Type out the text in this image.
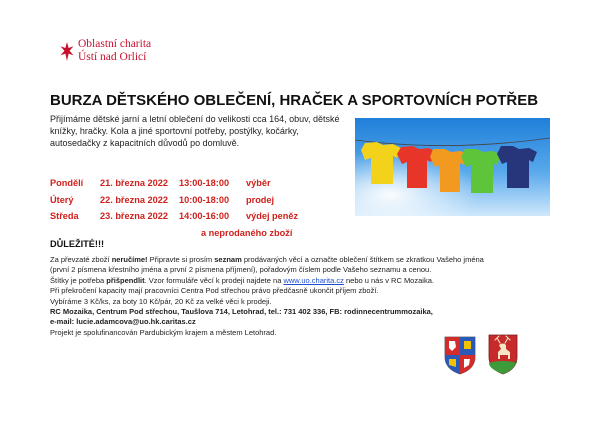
Oblastní charita
Ústí nad Orlicí
BURZA DĚTSKÉHO OBLEČENÍ, HRAČEK A SPORTOVNÍCH POTŘEB
Přijímáme dětské jarní a letní oblečení do velikosti cca 164, obuv, dětské knížky, hračky. Kola a jiné sportovní potřeby, postýlky, kočárky, autosedačky z kapacitních důvodů po domluvě.
Pondělí 21. března 2022 13:00-18:00 výběr
Úterý	22. března 2022 10:00-18:00 prodej
Středa 23. března 2022 14:00-16:00 výdej peněz
a neprodaného zboží
DŮLEŽITÉ!!!
Za převzaté zboží neručíme! Připravte si prosím seznam prodávaných věcí a označte oblečení štítkem se zkratkou Vašeho jména
(první 2 písmena křestního jména a první 2 písmena příjmení), pořadovým číslem podle Vašeho seznamu a cenou.
Štítky je potřeba přišpendlit. Vzor formuláře věcí k prodeji najdete na www.uo.charita.cz nebo u nás v RC Mozaika.
Při překročení kapacity mají pracovníci Centra Pod střechou právo předčasně ukončit příjem zboží.
Vybíráme 3 Kč/ks, za boty 10 Kč/pár, 20 Kč za velké věci k prodeji.
RC Mozaika, Centrum Pod střechou, Taušlova 714, Letohrad, tel.: 731 402 336, FB: rodinnecentrummozaika,
e-mail: lucie.adamcova@uo.hk.caritas.cz
Projekt je spolufinancován Pardubickým krajem a městem Letohrad.
